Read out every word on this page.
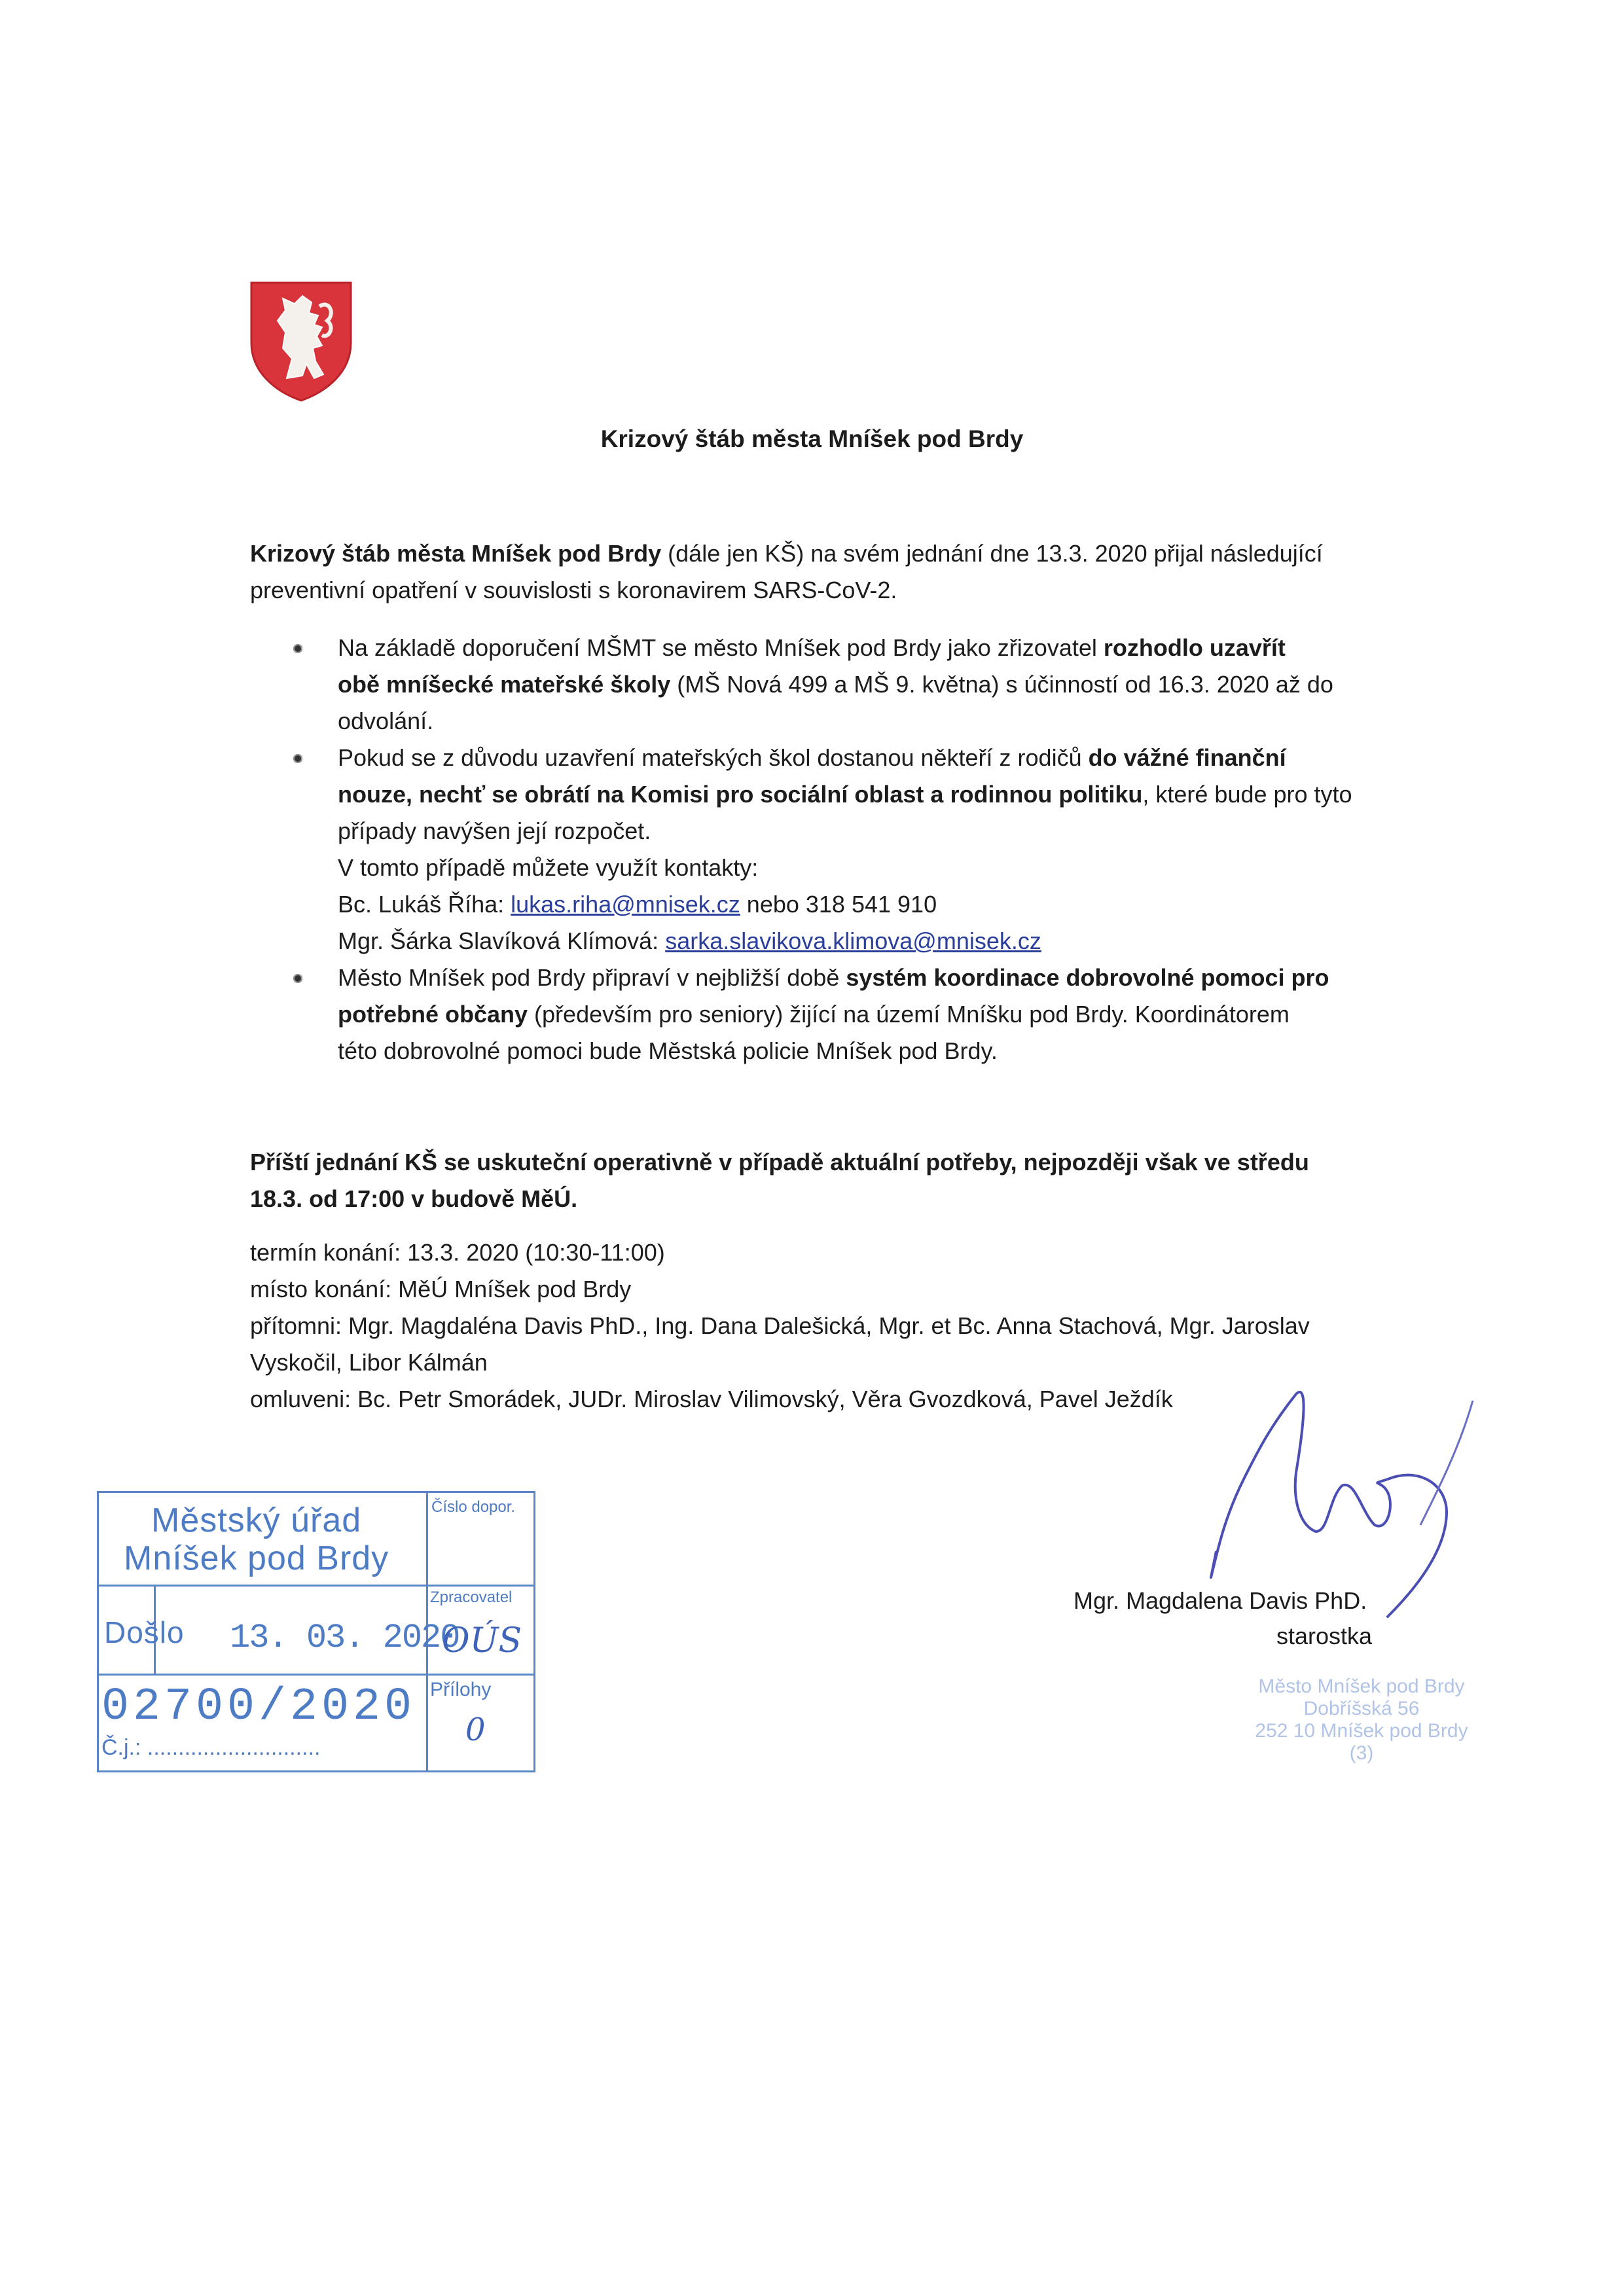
Krizový štáb města Mníšek pod Brdy
Krizový štáb města Mníšek pod Brdy (dále jen KŠ) na svém jednání dne 13.3. 2020 přijal následující
preventivní opatření v souvislosti s koronavirem SARS-CoV-2.
Na základě doporučení MŠMT se město Mníšek pod Brdy jako zřizovatel rozhodlo uzavřít
obě mníšecké mateřské školy (MŠ Nová 499 a MŠ 9. května) s účinností od 16.3. 2020 až do
odvolání.
Pokud se z důvodu uzavření mateřských škol dostanou někteří z rodičů do vážné finanční
nouze, nechť se obrátí na Komisi pro sociální oblast a rodinnou politiku, které bude pro tyto
případy navýšen její rozpočet.
V tomto případě můžete využít kontakty:
Bc. Lukáš Říha: lukas.riha@mnisek.cz nebo 318 541 910
Mgr. Šárka Slavíková Klímová: sarka.slavikova.klimova@mnisek.cz
Město Mníšek pod Brdy připraví v nejbližší době systém koordinace dobrovolné pomoci pro
potřebné občany (především pro seniory) žijící na území Mníšku pod Brdy. Koordinátorem
této dobrovolné pomoci bude Městská policie Mníšek pod Brdy.
Příští jednání KŠ se uskuteční operativně v případě aktuální potřeby, nejpozději však ve středu
18.3. od 17:00 v budově MěÚ.
termín konání: 13.3. 2020 (10:30-11:00)
místo konání: MěÚ Mníšek pod Brdy
přítomni: Mgr. Magdaléna Davis PhD., Ing. Dana Dalešická, Mgr. et Bc. Anna Stachová, Mgr. Jaroslav
Vyskočil, Libor Kálmán
omluveni: Bc. Petr Smorádek, JUDr. Miroslav Vilimovský, Věra Gvozdková, Pavel Ježdík
Mgr. Magdalena Davis PhD.
starostka
Město Mníšek pod Brdy
Dobříšská 56
252 10 Mníšek pod Brdy
(3)
Městský úřad
Mníšek pod Brdy
Číslo dopor.
Došlo 13. 03. 2020
Zpracovatel
OÚS
Přílohy
0
02700/2020
Č.j.: ............................
